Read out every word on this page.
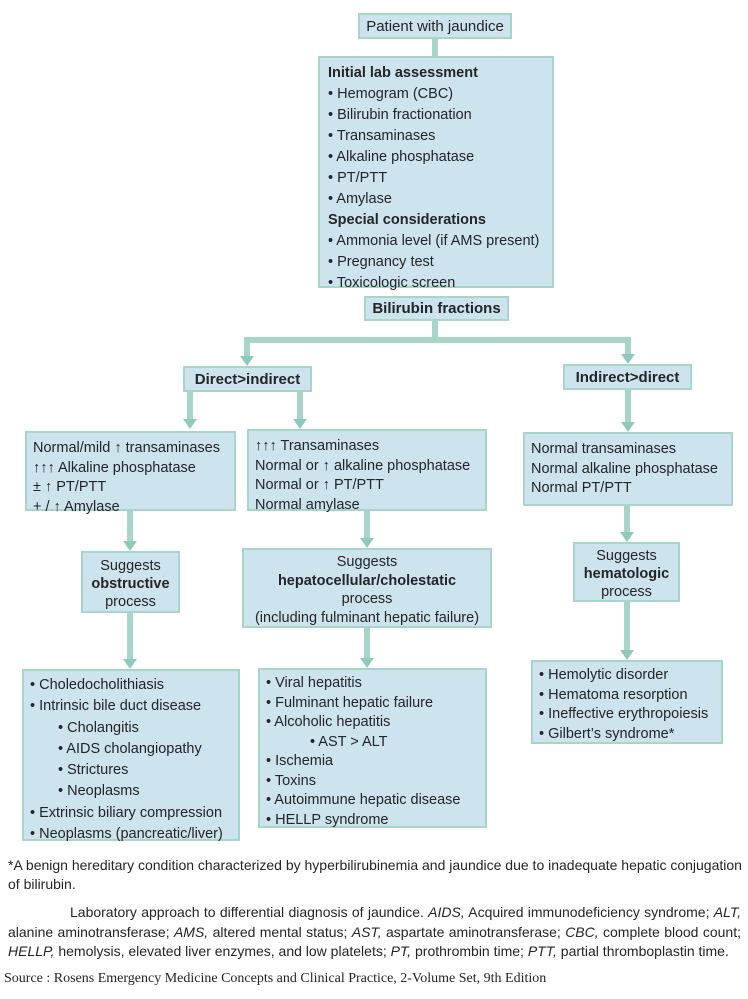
Patient with jaundice
Initial lab assessment
• Hemogram (CBC)
• Bilirubin fractionation
• Transaminases
• Alkaline phosphatase
• PT/PTT
• Amylase
Special considerations
• Ammonia level (if AMS present)
• Pregnancy test
• Toxicologic screen
Bilirubin fractions
Direct>indirect	Indirect>direct
Normal/mild ↑ transaminases
↑↑↑ Alkaline phosphatase
± ↑ PT/PTT
+ / ↑ Amylase
↑↑↑ Transaminases
Normal or ↑ alkaline phosphatase
Normal or ↑ PT/PTT
Normal amylase
Normal transaminases
Normal alkaline phosphatase
Normal PT/PTT
Suggests
obstructive
process
Suggests
hepatocellular/cholestatic
process
(including fulminant hepatic failure)
Suggests
hematologic
process
• Choledocholithiasis
• Intrinsic bile duct disease
• Cholangitis
• AIDS cholangiopathy
• Strictures
• Neoplasms
• Extrinsic biliary compression
• Neoplasms (pancreatic/liver)
• Viral hepatitis
• Fulminant hepatic failure
• Alcoholic hepatitis
• AST > ALT
• Ischemia
• Toxins
• Autoimmune hepatic disease
• HELLP syndrome
• Hemolytic disorder
• Hematoma resorption
• Ineffective erythropoiesis
• Gilbert’s syndrome*
*A benign hereditary condition characterized by hyperbilirubinemia and jaundice due to inadequate hepatic conjugation of bilirubin.
Laboratory approach to differential diagnosis of jaundice. AIDS, Acquired immunodeficiency syndrome; ALT, alanine aminotransferase; AMS, altered mental status; AST, aspartate aminotransferase; CBC, complete blood count; HELLP, hemolysis, elevated liver enzymes, and low platelets; PT, prothrombin time; PTT, partial thromboplastin time.
Source : Rosens Emergency Medicine Concepts and Clinical Practice, 2-Volume Set, 9th Edition
